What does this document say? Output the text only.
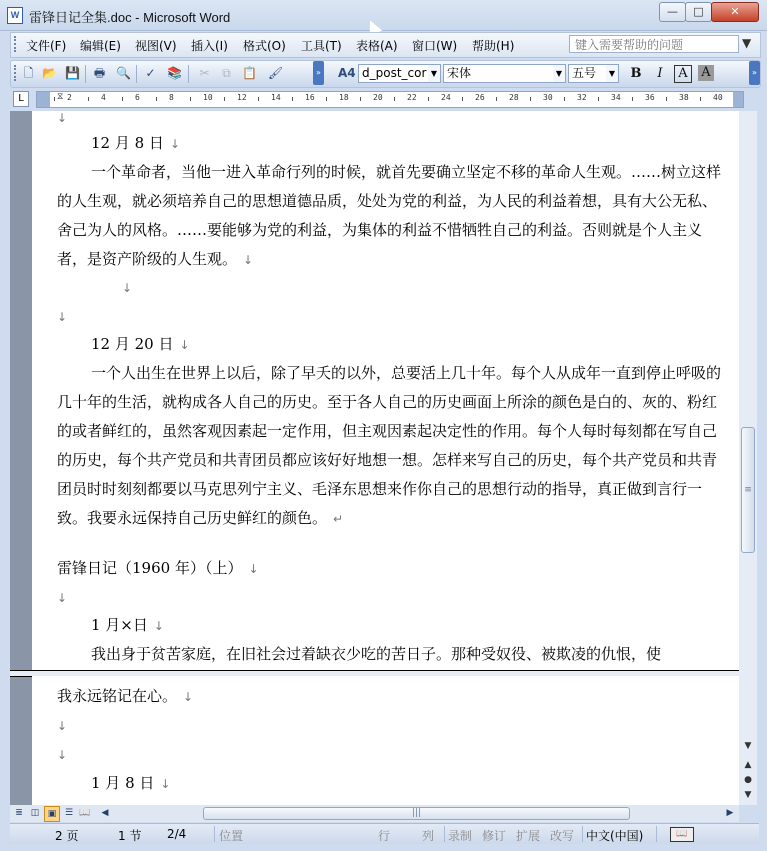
W 雷锋日记全集.doc - Microsoft Word	—	□	✕
文件(F) 编辑(E) 视图(V) 插入(I) 格式(O) 工具(T) 表格(A) 窗口(W) 帮助(H)	键入需要帮助的问题	▼
🗋 📂 💾 🖶 🔍 ✓ 📚 ✂	⧉ 📋 🖌	» A4 d_post_cor ▼ 宋体	▼ 五号	▼	B	I	A	A	»
L	⧖ 2	4	6	8	10	12	14	16	18	20	22	24	26	28	30	32	34	36	38	40
↓
12 月 8 日 ↓
一个革命者，当他一进入革命行列的时候，就首先要确立坚定不移的革命人生观。……树立这样的人生观，就必须培养自己的思想道德品质，处处为党的利益，为人民的利益着想，具有大公无私、舍己为人的风格。……要能够为党的利益，为集体的利益不惜牺牲自己的利益。否则就是个人主义者，是资产阶级的人生观。 ↓
↓
↓
12 月 20 日 ↓
一个人出生在世界上以后，除了早夭的以外，总要活上几十年。每个人从成年一直到停止呼吸的几十年的生活，就构成各人自己的历史。至于各人自己的历史画面上所涂的颜色是白的、灰的、粉红的或者鲜红的，虽然客观因素起一定作用，但主观因素起决定性的作用。每个人每时每刻都在写自己的历史，每个共产党员和共青团员都应该好好地想一想。怎样来写自己的历史，每个共产党员和共青团员时时刻刻都要以马克思列宁主义、毛泽东思想来作你自己的思想行动的指导，真正做到言行一致。我要永远保持自己历史鲜红的颜色。 ↵
雷锋日记（1960 年）（上） ↓
↓
1 月×日 ↓
我出身于贫苦家庭，在旧社会过着缺衣少吃的苦日子。那种受奴役、被欺凌的仇恨，使
我永远铭记在心。 ↓
↓
↓
1 月 8 日 ↓
≡
▼
▲
●
▼
≣ ◫ ▣ ☰ 📖	◀	|||	▶
2 页	1 节 2/4	位置	行	列 录制 修订 扩展 改写 中文(中国)	📖
